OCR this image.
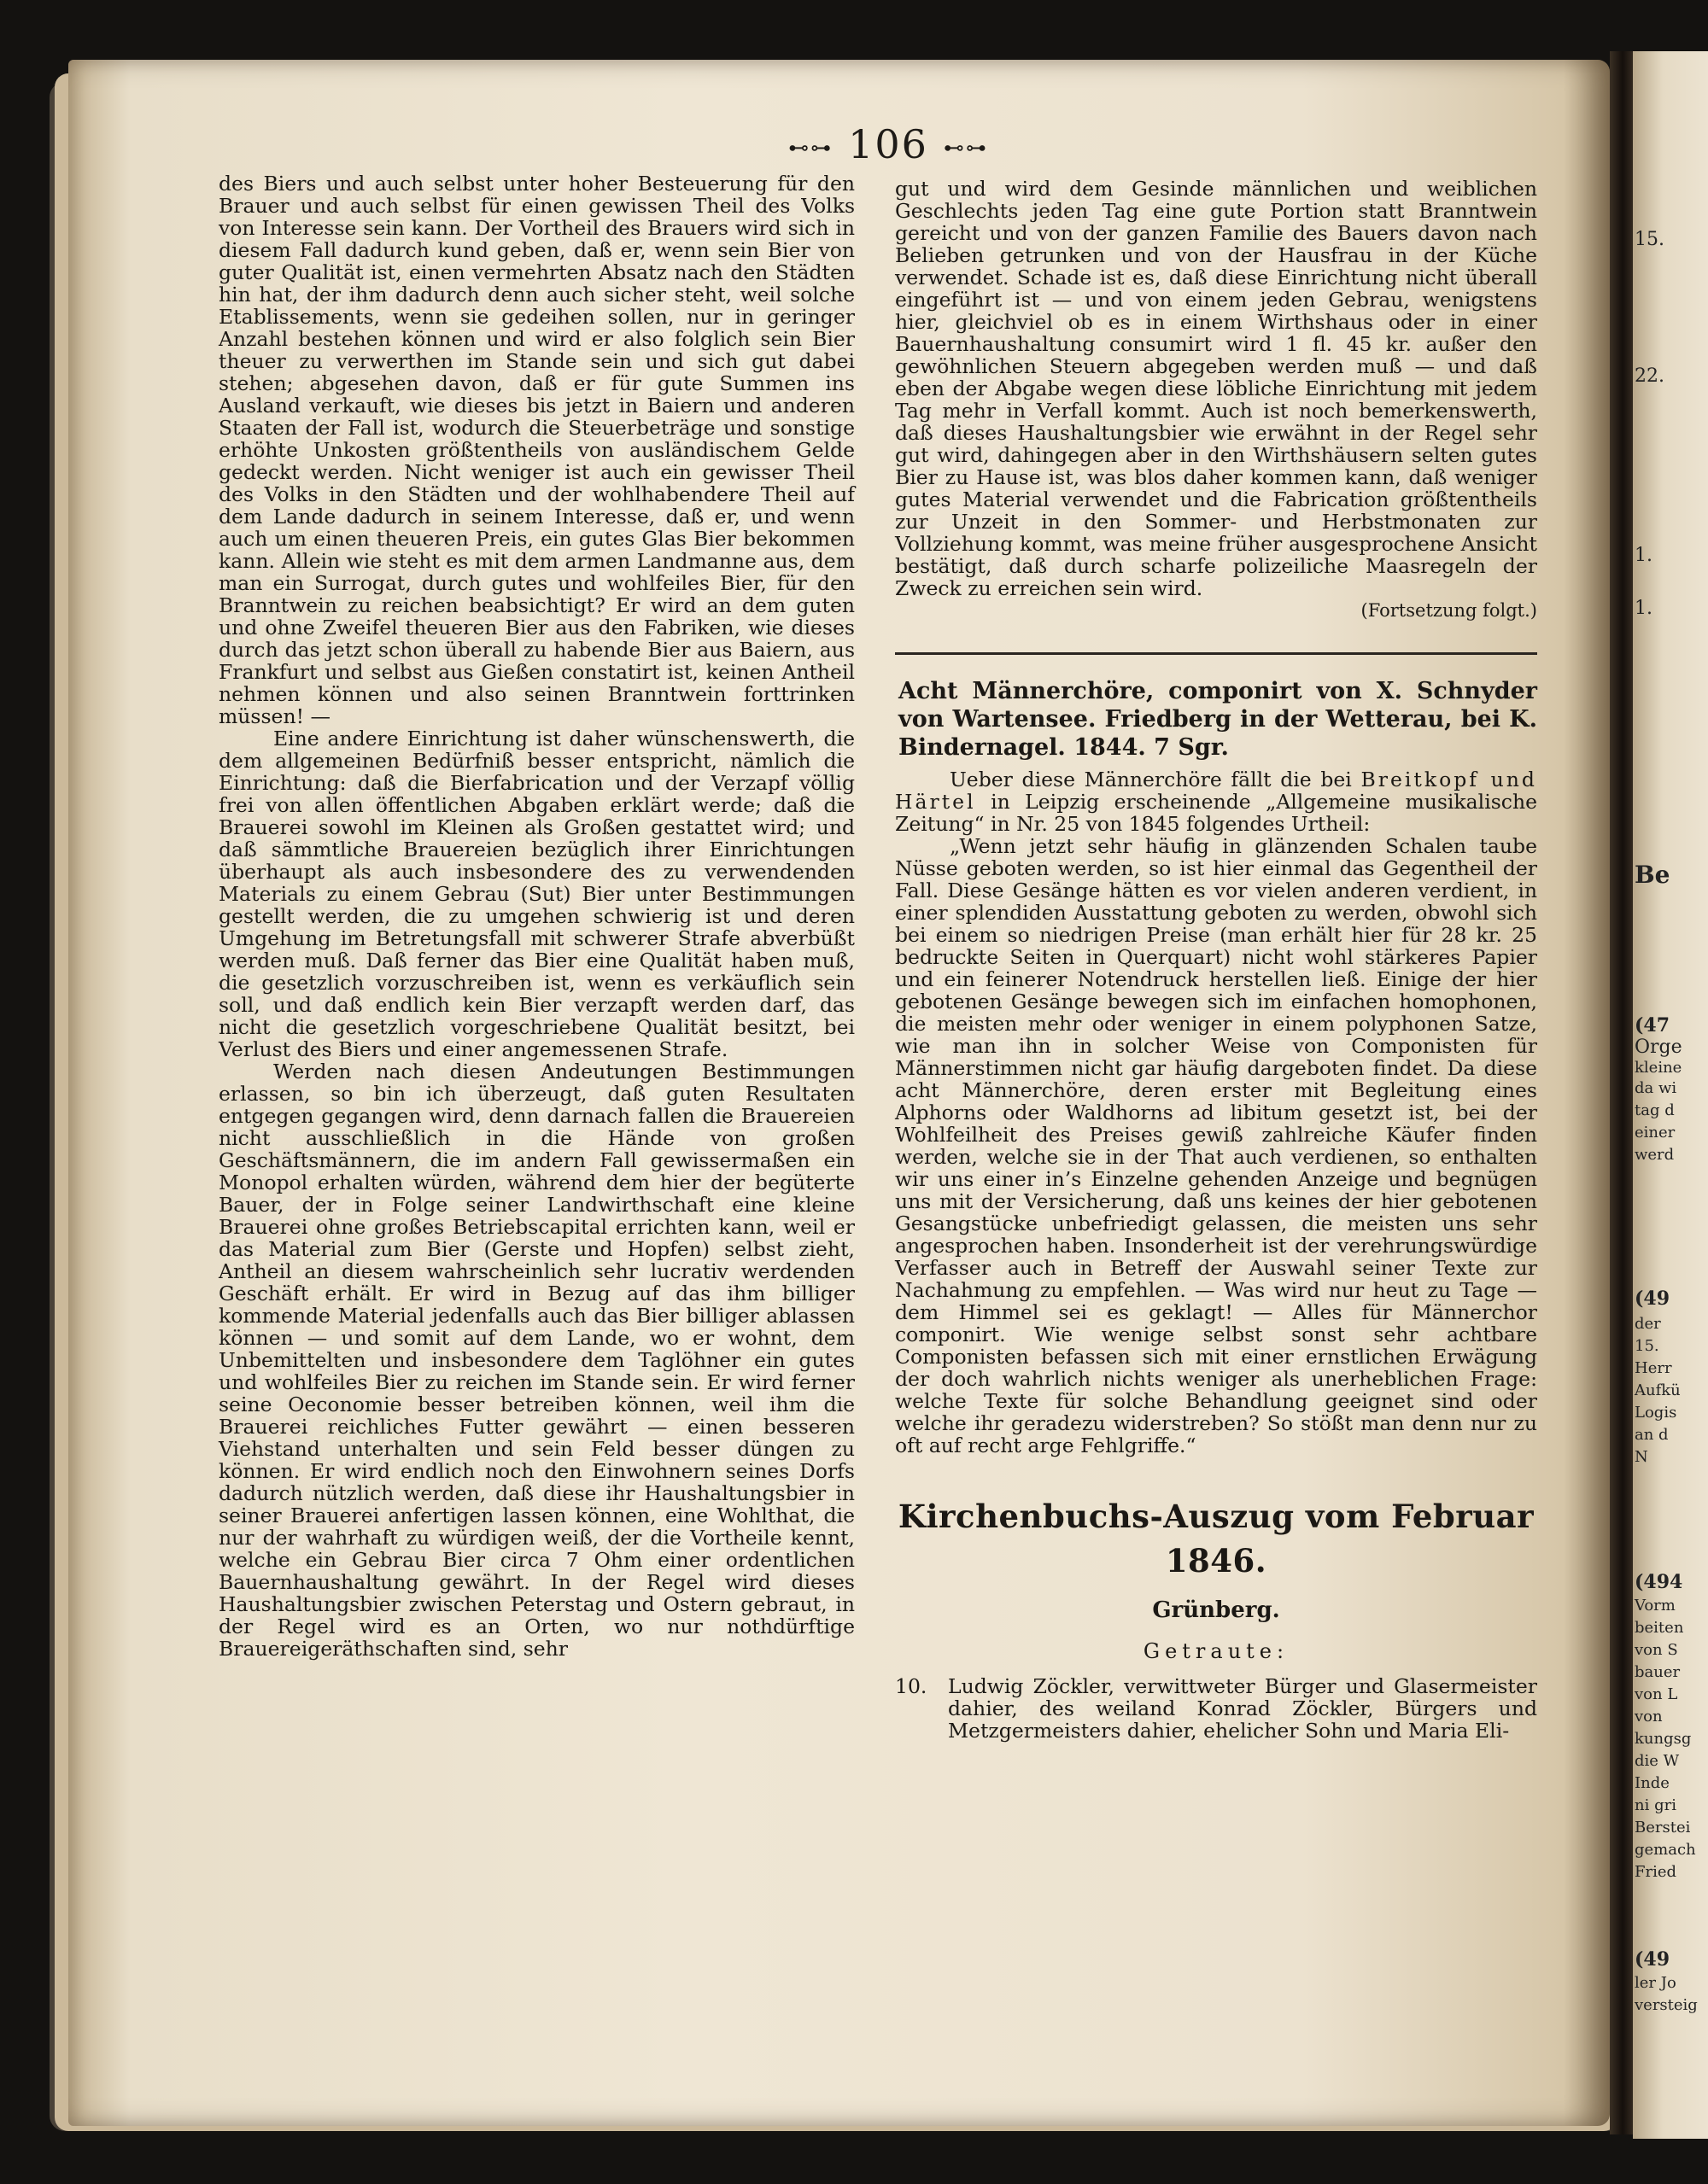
15.
22.
1.
1.
Be
(47
Orge
kleine
da wi
tag d
einer
werd
(49
der
15.
Herr
Aufkü
Logis
an d
N
(494
Vorm
beiten
von S
bauer
von L
von
kungsg
die W
Inde
ni gri
Berstei
gemach
Fried
(49
ler Jo
versteig
⊷⊶ 106 ⊷⊶

des Biers und auch selbst unter hoher Besteuerung für den Brauer und auch selbst für einen gewissen Theil des Volks von Interesse sein kann. Der Vortheil des Brauers wird sich in diesem Fall dadurch kund geben, daß er, wenn sein Bier von guter Qualität ist, einen vermehrten Absatz nach den Städten hin hat, der ihm dadurch denn auch sicher steht, weil solche Etablissements, wenn sie gedeihen sollen, nur in geringer Anzahl bestehen können und wird er also folglich sein Bier theuer zu verwerthen im Stande sein und sich gut dabei stehen; abgesehen davon, daß er für gute Summen ins Ausland verkauft, wie dieses bis jetzt in Baiern und anderen Staaten der Fall ist, wodurch die Steuerbeträge und sonstige erhöhte Unkosten größtentheils von ausländischem Gelde gedeckt werden. Nicht weniger ist auch ein gewisser Theil des Volks in den Städten und der wohlhabendere Theil auf dem Lande dadurch in seinem Interesse, daß er, und wenn auch um einen theueren Preis, ein gutes Glas Bier bekommen kann. Allein wie steht es mit dem armen Landmanne aus, dem man ein Surrogat, durch gutes und wohlfeiles Bier, für den Branntwein zu reichen beabsichtigt? Er wird an dem guten und ohne Zweifel theueren Bier aus den Fabriken, wie dieses durch das jetzt schon überall zu habende Bier aus Baiern, aus Frankfurt und selbst aus Gießen constatirt ist, keinen Antheil nehmen können und also seinen Branntwein forttrinken müssen! —

Eine andere Einrichtung ist daher wünschenswerth, die dem allgemeinen Bedürfniß besser entspricht, nämlich die Einrichtung: daß die Bierfabrication und der Verzapf völlig frei von allen öffentlichen Abgaben erklärt werde; daß die Brauerei sowohl im Kleinen als Großen gestattet wird; und daß sämmtliche Brauereien bezüglich ihrer Einrichtungen überhaupt als auch insbesondere des zu verwendenden Materials zu einem Gebrau (Sut) Bier unter Bestimmungen gestellt werden, die zu umgehen schwierig ist und deren Umgehung im Betretungsfall mit schwerer Strafe abverbüßt werden muß. Daß ferner das Bier eine Qualität haben muß, die gesetzlich vorzuschreiben ist, wenn es verkäuflich sein soll, und daß endlich kein Bier verzapft werden darf, das nicht die gesetzlich vorgeschriebene Qualität besitzt, bei Verlust des Biers und einer angemessenen Strafe.

Werden nach diesen Andeutungen Bestimmungen erlassen, so bin ich überzeugt, daß guten Resultaten entgegen gegangen wird, denn darnach fallen die Brauereien nicht ausschließlich in die Hände von großen Geschäftsmännern, die im andern Fall gewissermaßen ein Monopol erhalten würden, während dem hier der begüterte Bauer, der in Folge seiner Landwirthschaft eine kleine Brauerei ohne großes Betriebscapital errichten kann, weil er das Material zum Bier (Gerste und Hopfen) selbst zieht, Antheil an diesem wahrscheinlich sehr lucrativ werdenden Geschäft erhält. Er wird in Bezug auf das ihm billiger kommende Material jedenfalls auch das Bier billiger ablassen können — und somit auf dem Lande, wo er wohnt, dem Unbemittelten und insbesondere dem Taglöhner ein gutes und wohlfeiles Bier zu reichen im Stande sein. Er wird ferner seine Oeconomie besser betreiben können, weil ihm die Brauerei reichliches Futter gewährt — einen besseren Viehstand unterhalten und sein Feld besser düngen zu können. Er wird endlich noch den Einwohnern seines Dorfs dadurch nützlich werden, daß diese ihr Haushaltungsbier in seiner Brauerei anfertigen lassen können, eine Wohlthat, die nur der wahrhaft zu würdigen weiß, der die Vortheile kennt, welche ein Gebrau Bier circa 7 Ohm einer ordentlichen Bauernhaushaltung gewährt. In der Regel wird dieses Haushaltungsbier zwischen Peterstag und Ostern gebraut, in der Regel wird es an Orten, wo nur nothdürftige Brauereigeräthschaften sind, sehr

gut und wird dem Gesinde männlichen und weiblichen Geschlechts jeden Tag eine gute Portion statt Branntwein gereicht und von der ganzen Familie des Bauers davon nach Belieben getrunken und von der Hausfrau in der Küche verwendet. Schade ist es, daß diese Einrichtung nicht überall eingeführt ist — und von einem jeden Gebrau, wenigstens hier, gleichviel ob es in einem Wirthshaus oder in einer Bauernhaushaltung consumirt wird 1 fl. 45 kr. außer den gewöhnlichen Steuern abgegeben werden muß — und daß eben der Abgabe wegen diese löbliche Einrichtung mit jedem Tag mehr in Verfall kommt. Auch ist noch bemerkenswerth, daß dieses Haushaltungsbier wie erwähnt in der Regel sehr gut wird, dahingegen aber in den Wirthshäusern selten gutes Bier zu Hause ist, was blos daher kommen kann, daß weniger gutes Material verwendet und die Fabrication größtentheils zur Unzeit in den Sommer- und Herbstmonaten zur Vollziehung kommt, was meine früher ausgesprochene Ansicht bestätigt, daß durch scharfe polizeiliche Maasregeln der Zweck zu erreichen sein wird.

(Fortsetzung folgt.)

Acht Männerchöre, componirt von X. Schnyder von Wartensee. Friedberg in der Wetterau, bei K. Bindernagel. 1844. 7 Sgr.

Ueber diese Männerchöre fällt die bei Breitkopf und Härtel in Leipzig erscheinende „Allgemeine musikalische Zeitung“ in Nr. 25 von 1845 folgendes Urtheil:

„Wenn jetzt sehr häufig in glänzenden Schalen taube Nüsse geboten werden, so ist hier einmal das Gegentheil der Fall. Diese Gesänge hätten es vor vielen anderen verdient, in einer splendiden Ausstattung geboten zu werden, obwohl sich bei einem so niedrigen Preise (man erhält hier für 28 kr. 25 bedruckte Seiten in Querquart) nicht wohl stärkeres Papier und ein feinerer Notendruck herstellen ließ. Einige der hier gebotenen Gesänge bewegen sich im einfachen homophonen, die meisten mehr oder weniger in einem polyphonen Satze, wie man ihn in solcher Weise von Componisten für Männerstimmen nicht gar häufig dargeboten findet. Da diese acht Männerchöre, deren erster mit Begleitung eines Alphorns oder Waldhorns ad libitum gesetzt ist, bei der Wohlfeilheit des Preises gewiß zahlreiche Käufer finden werden, welche sie in der That auch verdienen, so enthalten wir uns einer in’s Einzelne gehenden Anzeige und begnügen uns mit der Versicherung, daß uns keines der hier gebotenen Gesangstücke unbefriedigt gelassen, die meisten uns sehr angesprochen haben. Insonderheit ist der verehrungswürdige Verfasser auch in Betreff der Auswahl seiner Texte zur Nachahmung zu empfehlen. — Was wird nur heut zu Tage — dem Himmel sei es geklagt! — Alles für Männerchor componirt. Wie wenige selbst sonst sehr achtbare Componisten befassen sich mit einer ernstlichen Erwägung der doch wahrlich nichts weniger als unerheblichen Frage: welche Texte für solche Behandlung geeignet sind oder welche ihr geradezu widerstreben? So stößt man denn nur zu oft auf recht arge Fehlgriffe.“

Kirchenbuchs-Auszug vom Februar 1846.
Grünberg.
Getraute:
10.	Ludwig Zöckler, verwittweter Bürger und Glasermeister dahier, des weiland Konrad Zöckler, Bürgers und Metzgermeisters dahier, ehelicher Sohn und Maria Eli-
